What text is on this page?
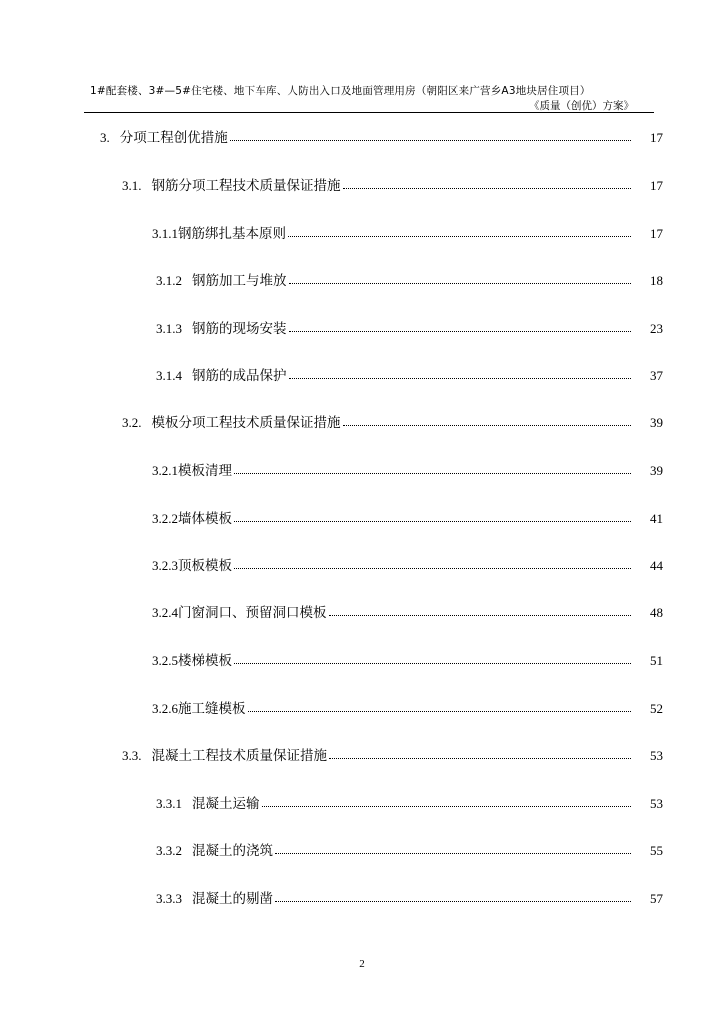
1#配套楼、3#—5#住宅楼、地下车库、人防出入口及地面管理用房（朝阳区来广营乡A3地块居住项目）
《质量（创优）方案》
3. 分项工程创优措施	17
3.1. 钢筋分项工程技术质量保证措施	17
3.1.1 钢筋绑扎基本原则	17
3.1.2 钢筋加工与堆放	18
3.1.3 钢筋的现场安装	23
3.1.4 钢筋的成品保护	37
3.2. 模板分项工程技术质量保证措施	39
3.2.1 模板清理	39
3.2.2 墙体模板	41
3.2.3 顶板模板	44
3.2.4 门窗洞口、预留洞口模板	48
3.2.5 楼梯模板	51
3.2.6 施工缝模板	52
3.3. 混凝土工程技术质量保证措施	53
3.3.1 混凝土运输	53
3.3.2 混凝土的浇筑	55
3.3.3 混凝土的剔凿	57
2
